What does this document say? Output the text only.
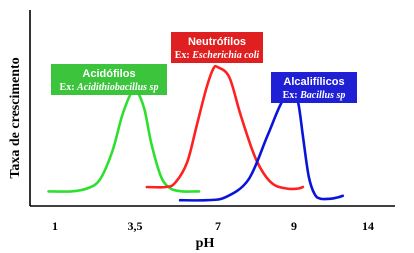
Taxa de crescimento
pH
1	3,5	7	9	14
Acidófilos
Ex: Acidithiobacillus sp
Neutrófilos
Ex: Escherichia coli
Alcalifílicos
Ex: Bacillus sp
